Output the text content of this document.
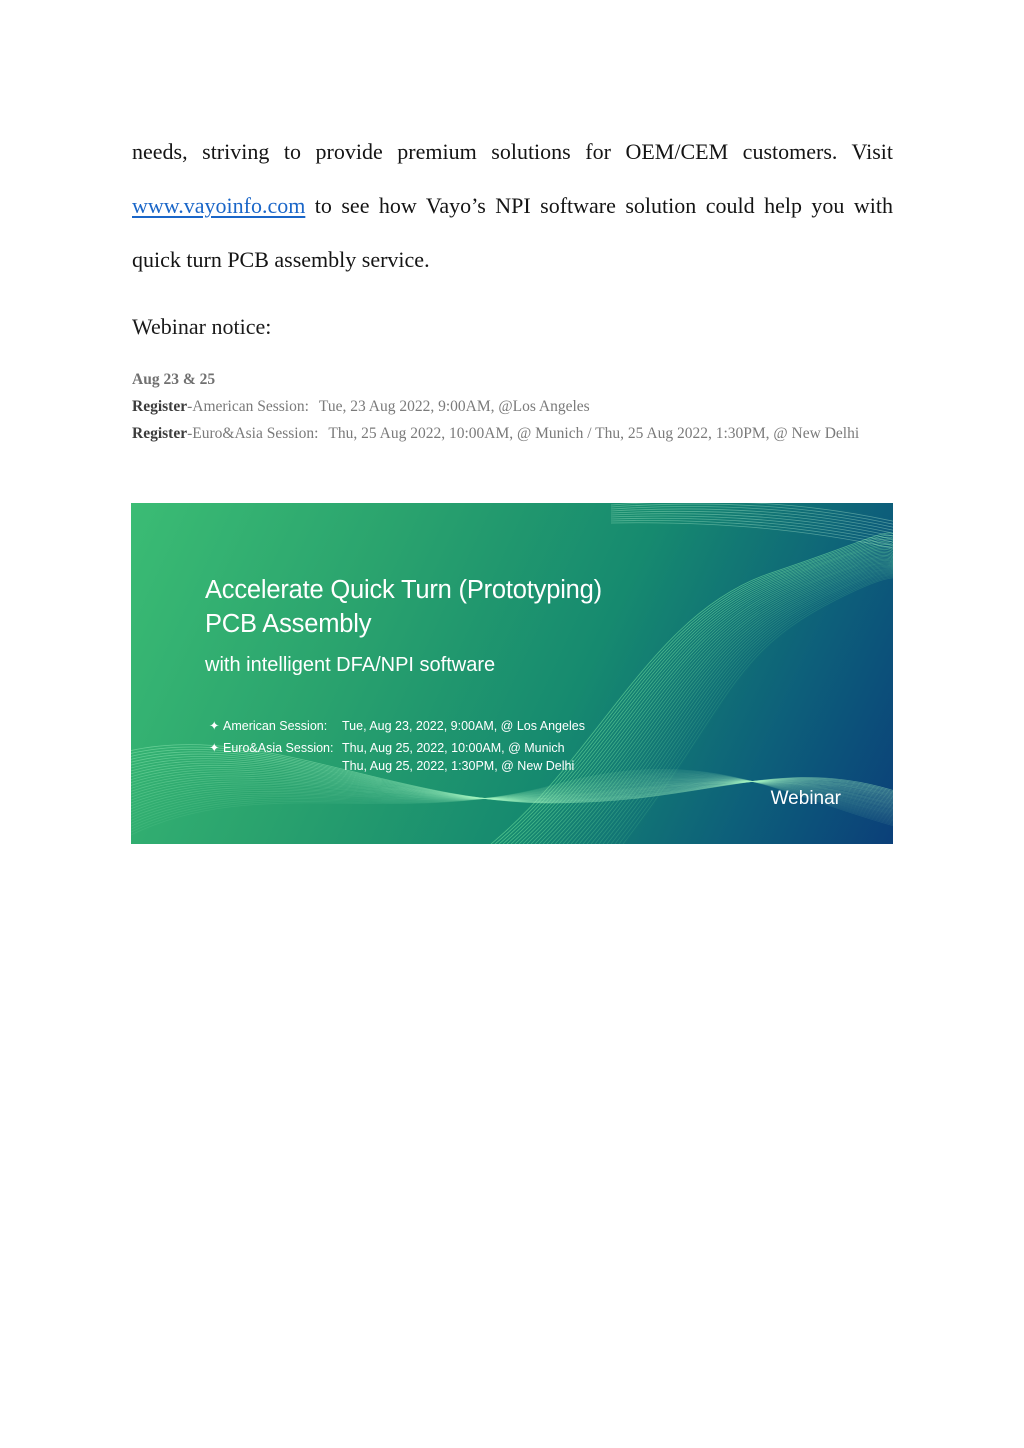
needs, striving to provide premium solutions for OEM/CEM customers. Visit www.vayoinfo.com to see how Vayo’s NPI software solution could help you with quick turn PCB assembly service.

Webinar notice:
Aug 23 & 25
Register-American Session: Tue, 23 Aug 2022, 9:00AM, @Los Angeles
Register-Euro&Asia Session: Thu, 25 Aug 2022, 10:00AM, @ Munich / Thu, 25 Aug 2022, 1:30PM, @ New Delhi
Accelerate Quick Turn (Prototyping)
PCB Assembly
with intelligent DFA/NPI software
✦ American Session: Tue, Aug 23, 2022, 9:00AM, @ Los Angeles
✦ Euro&Asia Session: Thu, Aug 25, 2022, 10:00AM, @ Munich
Thu, Aug 25, 2022, 1:30PM, @ New Delhi
Webinar
